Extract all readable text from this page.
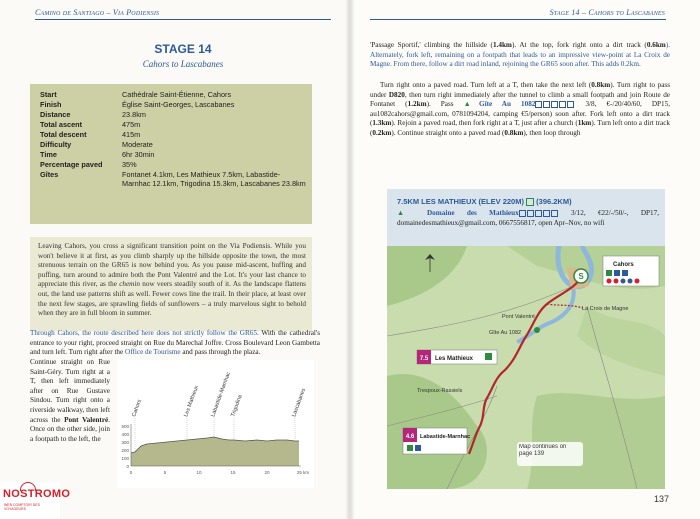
Camino de Santiago – Via Podiensis	Stage 14 – Cahors to Lascabanes
STAGE 14
Cahors to Lascabanes
Start	Cathédrale Saint-Étienne, Cahors
Finish	Église Saint-Georges, Lascabanes
Distance	23.8km
Total ascent	475m
Total descent	415m
Difficulty	Moderate
Time	6hr 30min
Percentage paved	35%
Gîtes	Fontanet 4.1km, Les Mathieux 7.5km, Labastide-Marnhac 12.1km, Trigodina 15.3km, Lascabanes 23.8km
Leaving Cahors, you cross a significant transition point on the Via Podiensis. While you won't believe it at first, as you climb sharply up the hillside opposite the town, the most strenuous terrain on the GR65 is now behind you. As you pause mid-ascent, huffing and puffing, turn around to admire both the Pont Valentré and the Lot. It's your last chance to appreciate this river, as the chemin now veers steadily south of it. As the landscape flattens out, the land use patterns shift as well. Fewer cows line the trail. In their place, at least over the next few stages, are sprawling fields of sunflowers – a truly marvelous sight to behold when they are in full bloom in summer.
Through Cahors, the route described here does not strictly follow the GR65. With the cathedral's entrance to your right, proceed straight on Rue du Marechal Joffre. Cross Boulevard Leon Gambetta and turn left. Turn right after the Office de Tourisme and pass through the plaza.
Continue straight on Rue Saint-Géry. Turn right at a T, then left immediately after on Rue Gustave Sindou. Turn right onto a riverside walkway, then left across the Pont Valentré. Once on the other side, join a footpath to the left, the
Cahors	Les Mathieux Labastide-Marnhac
Trigodina	Lascabanes
500
400
300
200
100
0
0	5	10	15	20	25 km
NOSTROMO
WEB COMPTOIR DES VOYAGEURS
'Passage Sportif,' climbing the hillside (1.4km). At the top, fork right onto a dirt track (0.6km). Alternately, fork left, remaining on a footpath that leads to an impressive view-point at La Croix de Magne. From there, follow a dirt road inland, rejoining the GR65 soon after. This adds 0.2km.
Turn right onto a paved road. Turn left at a T, then take the next left (0.8km). Turn right to pass under D820, then turn right immediately after the tunnel to climb a small footpath and join Route de Fontanet (1.2km). Pass ▲Gîte Au 1082	3/8, €-/20/40/60, DP15, au1082cahors@gmail.com, 0781094204, camping €5/person) soon after. Fork left onto a dirt track (1.3km). Rejoin a paved road, then fork right at a T, just after a church (1km). Turn left onto a dirt track (0.2km). Continue straight onto a paved road (0.8km), then loop through
7.5KM LES MATHIEUX (ELEV 220M) (396.2KM)
▲ Domaine des Mathieux	3/12, €22/-/50/-, DP17, domainedesmathieux@gmail.com, 0667556817, open Apr–Nov, no wifi
S
Cahors
Pont Valentré
La Croix de Magne
Gîte Au 1082
Trespoux-Rassiels
7.5 Les Mathieux
4.6 Labastide-Marnhac
Map continues on page 139
137
